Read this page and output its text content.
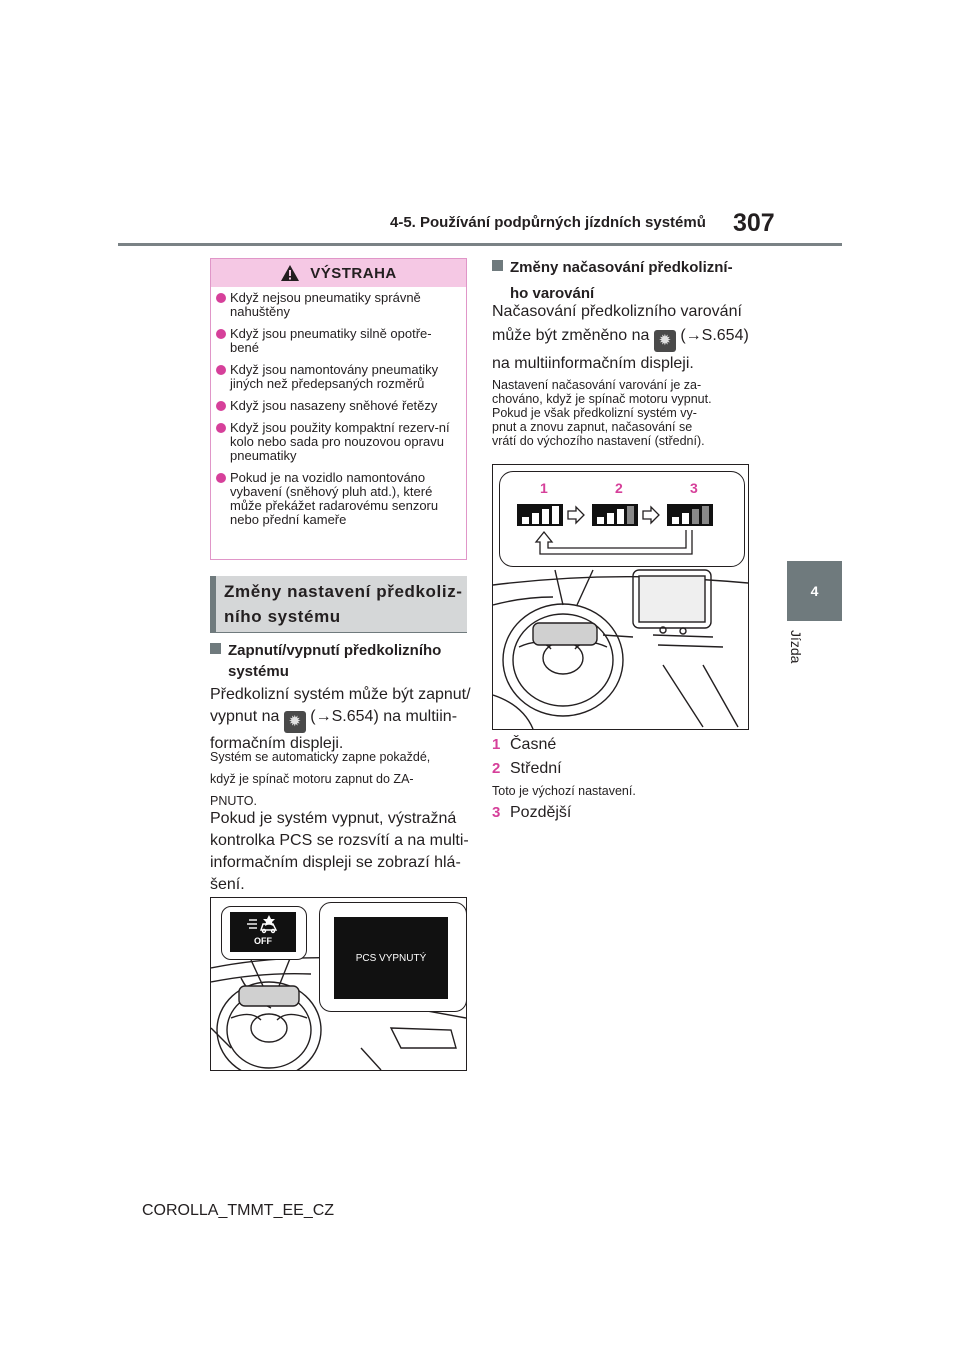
4-5. Používání podpůrných jízdních systémů 307
4
Jízda
VÝSTRAHA
Když nejsou pneumatiky správně nahuštěny
Když jsou pneumatiky silně opotře-bené
Když jsou namontovány pneumatiky jiných než předepsaných rozměrů
Když jsou nasazeny sněhové řetězy
Když jsou použity kompaktní rezerv-ní kolo nebo sada pro nouzovou opravu pneumatiky
Pokud je na vozidlo namontováno vybavení (sněhový pluh atd.), které může překážet radarovému senzoru nebo přední kameře
Změny nastavení předkoliz-
ního systému
Zapnutí/vypnutí předkolizního
systému
Předkolizní systém může být zapnut/
vypnut na ✹ (→S.654) na multiin-
formačním displeji.
Systém se automaticky zapne pokaždé,
když je spínač motoru zapnut do ZA-
PNUTO.
Pokud je systém vypnut, výstražná
kontrolka PCS se rozsvítí a na multi-
informačním displeji se zobrazí hlá-
šení.
OFF
PCS VYPNUTÝ
Změny načasování předkolizní-
ho varování
Načasování předkolizního varování
může být změněno na ✹ (→S.654)
na multiinformačním displeji.
Nastavení načasování varování je za-
chováno, když je spínač motoru vypnut.
Pokud je však předkolizní systém vy-
pnut a znovu zapnut, načasování se
vrátí do výchozího nastavení (střední).
1	2	3
1 Časné
2 Střední
Toto je výchozí nastavení.
3 Pozdější
COROLLA_TMMT_EE_CZ
